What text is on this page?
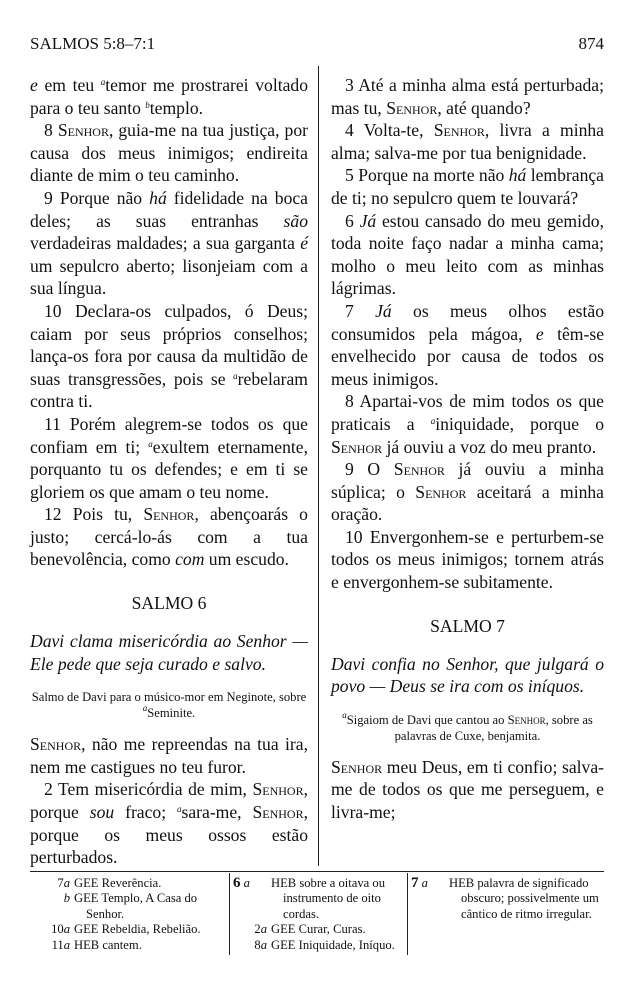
SALMOS 5:8–7:1	874

e em teu $^a$temor me prostrarei voltado para o teu santo $^b$templo.

8 Senhor, guia-me na tua justiça, por causa dos meus inimigos; endireita diante de mim o teu caminho.

9 Porque não há fidelidade na boca deles; as suas entranhas são verdadeiras maldades; a sua garganta é um sepulcro aberto; lisonjeiam com a sua língua.

10 Declara-os culpados, ó Deus; caiam por seus próprios conselhos; lança-os fora por causa da multidão de suas transgressões, pois se $^a$rebelaram contra ti.

11 Porém alegrem-se todos os que confiam em ti; $^a$exultem eternamente, porquanto tu os defendes; e em ti se gloriem os que amam o teu nome.

12 Pois tu, Senhor, abençoarás o justo; cercá-lo-ás com a tua benevolência, como com um escudo.

SALMO 6

Davi clama misericórdia ao Senhor — Ele pede que seja curado e salvo.

Salmo de Davi para o músico-mor em Neginote, sobre $^a$Seminite.

Senhor, não me repreendas na tua ira, nem me castigues no teu furor.

2 Tem misericórdia de mim, Senhor, porque sou fraco; $^a$sara-me, Senhor, porque os meus ossos estão perturbados.

3 Até a minha alma está perturbada; mas tu, Senhor, até quando?

4 Volta-te, Senhor, livra a minha alma; salva-me por tua benignidade.

5 Porque na morte não há lembrança de ti; no sepulcro quem te louvará?

6 Já estou cansado do meu gemido, toda noite faço nadar a minha cama; molho o meu leito com as minhas lágrimas.

7 Já os meus olhos estão consumidos pela mágoa, e têm-se envelhecido por causa de todos os meus inimigos.

8 Apartai-vos de mim todos os que praticais a $^a$iniquidade, porque o Senhor já ouviu a voz do meu pranto.

9 O Senhor já ouviu a minha súplica; o Senhor aceitará a minha oração.

10 Envergonhem-se e perturbem-se todos os meus inimigos; tornem atrás e envergonhem-se subitamente.

SALMO 7

Davi confia no Senhor, que julgará o povo — Deus se ira com os iníquos.

$^a$Sigaiom de Davi que cantou ao Senhor, sobre as palavras de Cuxe, benjamita.

Senhor meu Deus, em ti confio; salva-me de todos os que me perseguem, e livra-me;

7a GEE Reverência.
b GEE Templo, A Casa do Senhor.
10a GEE Rebeldia, Rebelião.
11a HEB cantem.
6 a	HEB sobre a oitava ou instrumento de oito cordas.
2a GEE Curar, Curas.
8a GEE Iniquidade, Iníquo.
7 a	HEB palavra de significado obscuro; possivelmente um cântico de ritmo irregular.
